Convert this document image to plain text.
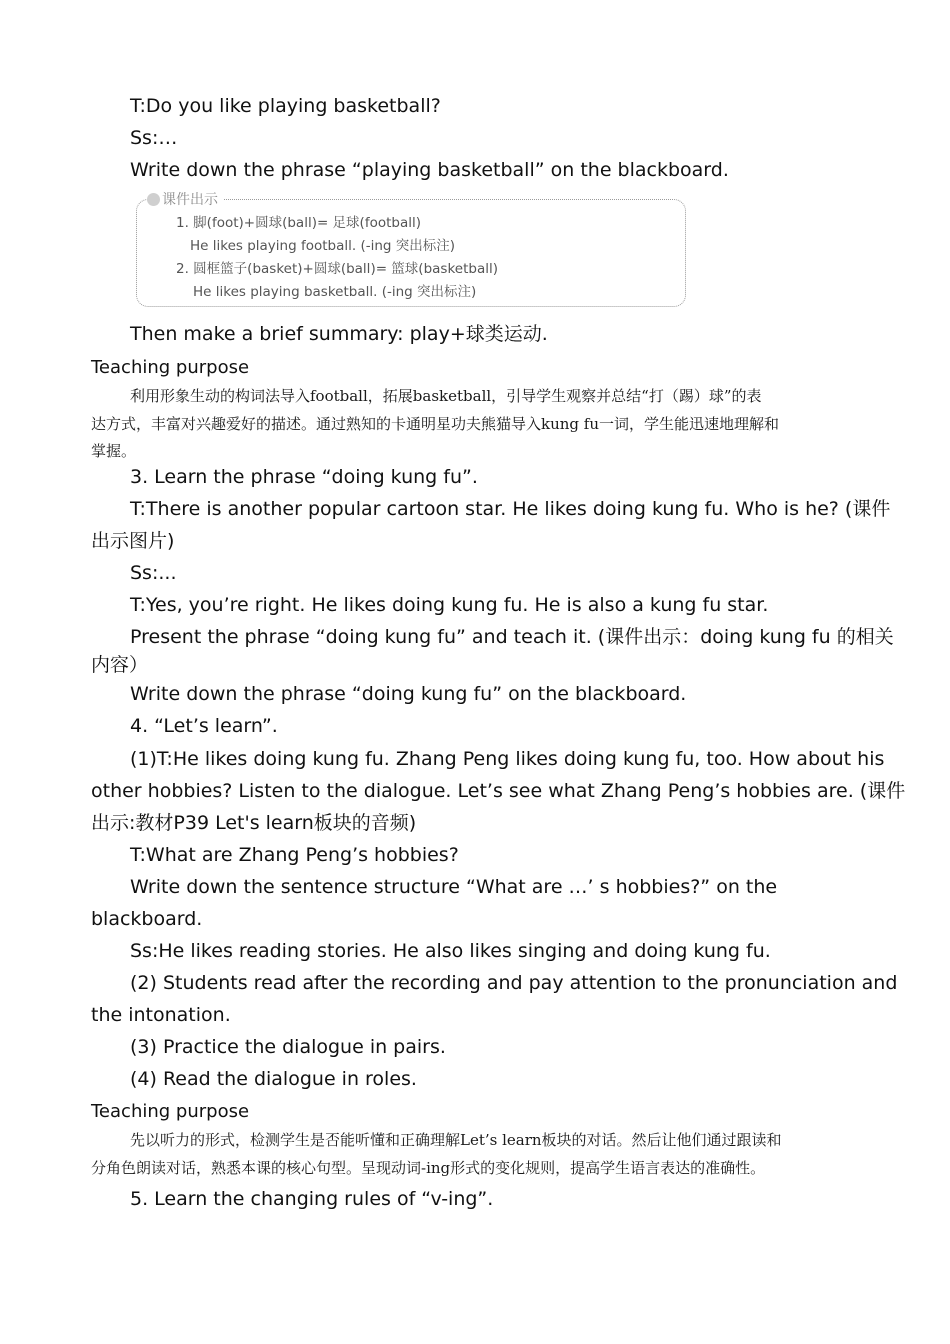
T:Do you like playing basketball?
Ss:…
Write down the phrase “playing basketball” on the blackboard.
课件出示
1. 脚(foot)+圆球(ball)= 足球(football)
He likes playing football. (-ing 突出标注)
2. 圆框篮子(basket)+圆球(ball)= 篮球(basketball)
He likes playing basketball. (-ing 突出标注)
Then make a brief summary: play+球类运动.
Teaching purpose
利用形象生动的构词法导入football，拓展basketball，引导学生观察并总结“打（踢）球”的表
达方式，丰富对兴趣爱好的描述。通过熟知的卡通明星功夫熊猫导入kung fu一词，学生能迅速地理解和
掌握。
3. Learn the phrase “doing kung fu”.
T:There is another popular cartoon star. He likes doing kung fu. Who is he? (课件
出示图片)
Ss:...
T:Yes, you’re right. He likes doing kung fu. He is also a kung fu star.
Present the phrase “doing kung fu” and teach it. (课件出示：doing kung fu 的相关
内容）
Write down the phrase “doing kung fu” on the blackboard.
4. “Let’s learn”.
(1)T:He likes doing kung fu. Zhang Peng likes doing kung fu, too. How about his
other hobbies? Listen to the dialogue. Let’s see what Zhang Peng’s hobbies are. (课件
出示:教材P39 Let's learn板块的音频)
T:What are Zhang Peng’s hobbies?
Write down the sentence structure “What are …’ s hobbies?” on the
blackboard.
Ss:He likes reading stories. He also likes singing and doing kung fu.
(2) Students read after the recording and pay attention to the pronunciation and
the intonation.
(3) Practice the dialogue in pairs.
(4) Read the dialogue in roles.
Teaching purpose
先以听力的形式，检测学生是否能听懂和正确理解Let’s learn板块的对话。然后让他们通过跟读和
分角色朗读对话，熟悉本课的核心句型。呈现动词-ing形式的变化规则，提高学生语言表达的准确性。
5. Learn the changing rules of “v-ing”.
